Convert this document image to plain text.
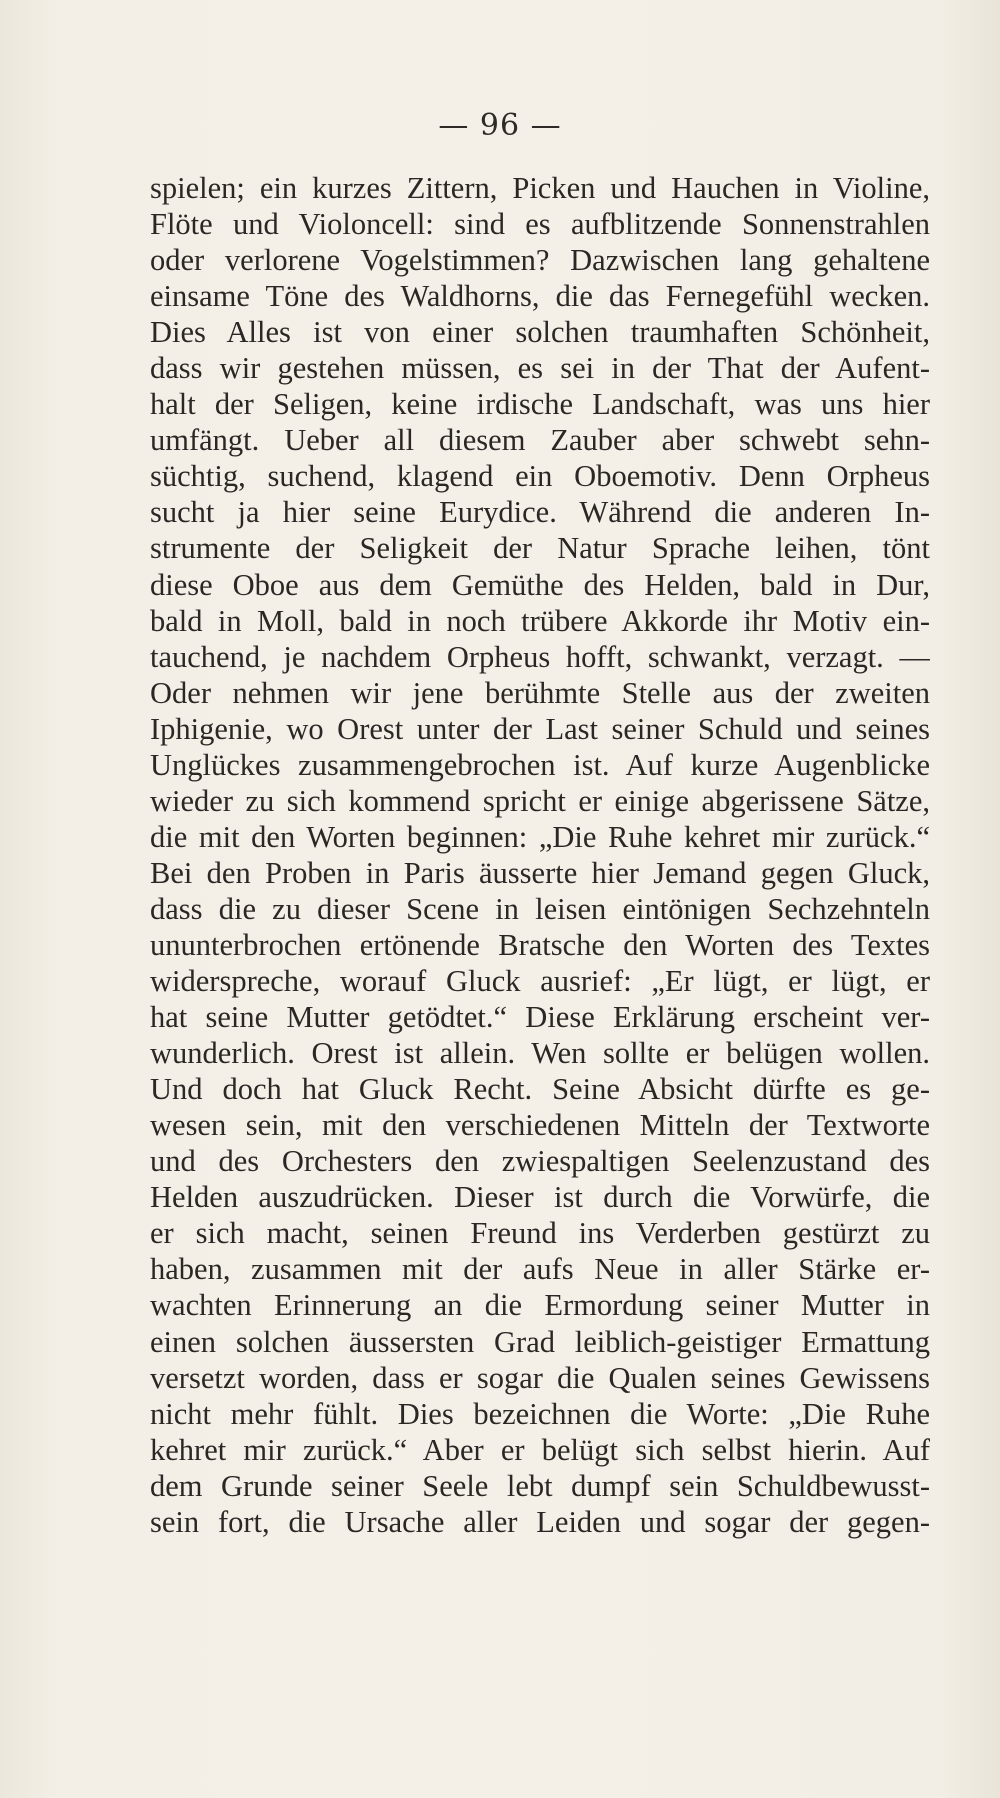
— 96 —
spielen; ein kurzes Zittern, Picken und Hauchen in Violine,
Flöte und Violoncell: sind es aufblitzende Sonnenstrahlen
oder verlorene Vogelstimmen? Dazwischen lang gehaltene
einsame Töne des Waldhorns, die das Fernegefühl wecken.
Dies Alles ist von einer solchen traumhaften Schönheit,
dass wir gestehen müssen, es sei in der That der Aufent-
halt der Seligen, keine irdische Landschaft, was uns hier
umfängt. Ueber all diesem Zauber aber schwebt sehn-
süchtig, suchend, klagend ein Oboemotiv. Denn Orpheus
sucht ja hier seine Eurydice. Während die anderen In-
strumente der Seligkeit der Natur Sprache leihen, tönt
diese Oboe aus dem Gemüthe des Helden, bald in Dur,
bald in Moll, bald in noch trübere Akkorde ihr Motiv ein-
tauchend, je nachdem Orpheus hofft, schwankt, verzagt. —
Oder nehmen wir jene berühmte Stelle aus der zweiten
Iphigenie, wo Orest unter der Last seiner Schuld und seines
Unglückes zusammengebrochen ist. Auf kurze Augenblicke
wieder zu sich kommend spricht er einige abgerissene Sätze,
die mit den Worten beginnen: „Die Ruhe kehret mir zurück.“
Bei den Proben in Paris äusserte hier Jemand gegen Gluck,
dass die zu dieser Scene in leisen eintönigen Sechzehnteln
ununterbrochen ertönende Bratsche den Worten des Textes
widerspreche, worauf Gluck ausrief: „Er lügt, er lügt, er
hat seine Mutter getödtet.“ Diese Erklärung erscheint ver-
wunderlich. Orest ist allein. Wen sollte er belügen wollen.
Und doch hat Gluck Recht. Seine Absicht dürfte es ge-
wesen sein, mit den verschiedenen Mitteln der Textworte
und des Orchesters den zwiespaltigen Seelenzustand des
Helden auszudrücken. Dieser ist durch die Vorwürfe, die
er sich macht, seinen Freund ins Verderben gestürzt zu
haben, zusammen mit der aufs Neue in aller Stärke er-
wachten Erinnerung an die Ermordung seiner Mutter in
einen solchen äussersten Grad leiblich-geistiger Ermattung
versetzt worden, dass er sogar die Qualen seines Gewissens
nicht mehr fühlt. Dies bezeichnen die Worte: „Die Ruhe
kehret mir zurück.“ Aber er belügt sich selbst hierin. Auf
dem Grunde seiner Seele lebt dumpf sein Schuldbewusst-
sein fort, die Ursache aller Leiden und sogar der gegen-
